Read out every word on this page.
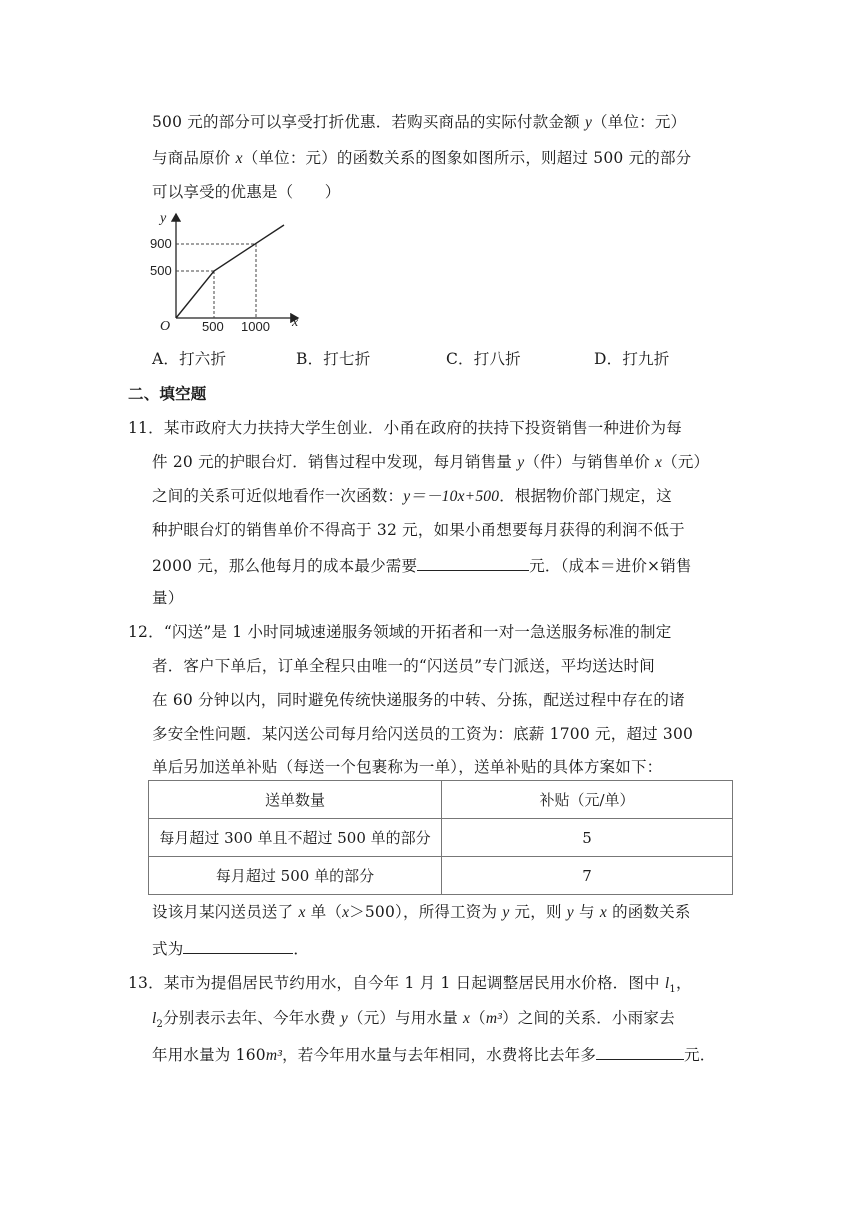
500 元的部分可以享受打折优惠．若购买商品的实际付款金额 y（单位：元）
与商品原价 x（单位：元）的函数关系的图象如图所示，则超过 500 元的部分
可以享受的优惠是（　　）
y
x
O
900
500
500 1000
A．打六折	B．打七折	C．打八折	D．打九折
二、填空题
11．某市政府大力扶持大学生创业．小甬在政府的扶持下投资销售一种进价为每
件 20 元的护眼台灯．销售过程中发现，每月销售量 y（件）与销售单价 x（元）
之间的关系可近似地看作一次函数：y＝－10x+500．根据物价部门规定，这
种护眼台灯的销售单价不得高于 32 元，如果小甬想要每月获得的利润不低于
2000 元，那么他每月的成本最少需要	元．（成本＝进价×销售
量）
12．“闪送”是 1 小时同城速递服务领域的开拓者和一对一急送服务标准的制定
者．客户下单后，订单全程只由唯一的“闪送员”专门派送，平均送达时间
在 60 分钟以内，同时避免传统快递服务的中转、分拣，配送过程中存在的诸
多安全性问题．某闪送公司每月给闪送员的工资为：底薪 1700 元，超过 300
单后另加送单补贴（每送一个包裹称为一单），送单补贴的具体方案如下：
送单数量	补贴（元/单）
每月超过 300 单且不超过 500 单的部分	5
每月超过 500 单的部分	7
设该月某闪送员送了 x 单（x＞500），所得工资为 y 元，则 y 与 x 的函数关系
式为	．
13．某市为提倡居民节约用水，自今年 1 月 1 日起调整居民用水价格．图中 $l_1$，
$l_2$分别表示去年、今年水费 y（元）与用水量 x（m³）之间的关系．小雨家去
年用水量为 160m³，若今年用水量与去年相同，水费将比去年多	元．
